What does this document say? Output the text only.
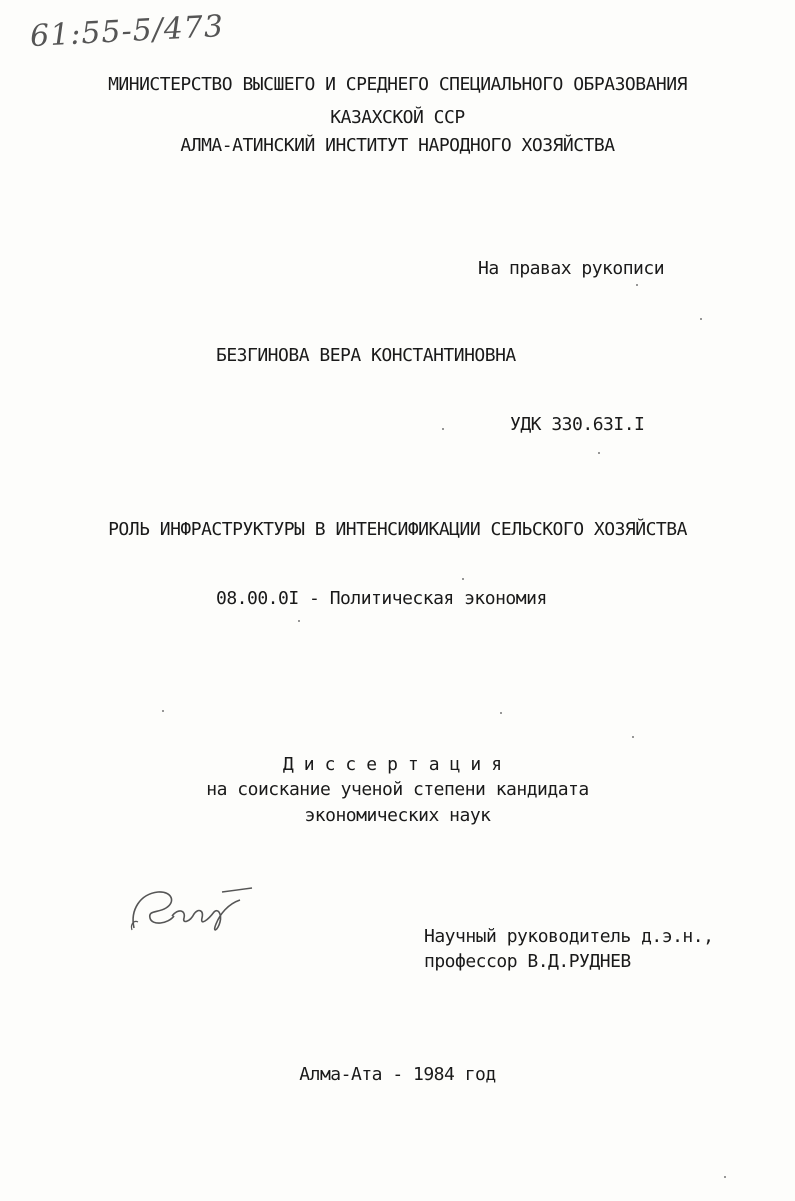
61:55-5/473
МИНИСТЕРСТВО ВЫСШЕГО И СРЕДНЕГО СПЕЦИАЛЬНОГО ОБРАЗОВАНИЯ
КАЗАХСКОЙ ССР
АЛМА-АТИНСКИЙ ИНСТИТУТ НАРОДНОГО ХОЗЯЙСТВА
На правах рукописи
БЕЗГИНОВА ВЕРА КОНСТАНТИНОВНА
УДК 330.63I.I
РОЛЬ ИНФРАСТРУКТУРЫ В ИНТЕНСИФИКАЦИИ СЕЛЬСКОГО ХОЗЯЙСТВА
08.00.0I - Политическая экономия
Диссертация
на соискание ученой степени кандидата
экономических наук
Научный руководитель д.э.н.,
профессор В.Д.РУДНЕВ
Алма-Ата - 1984 год
